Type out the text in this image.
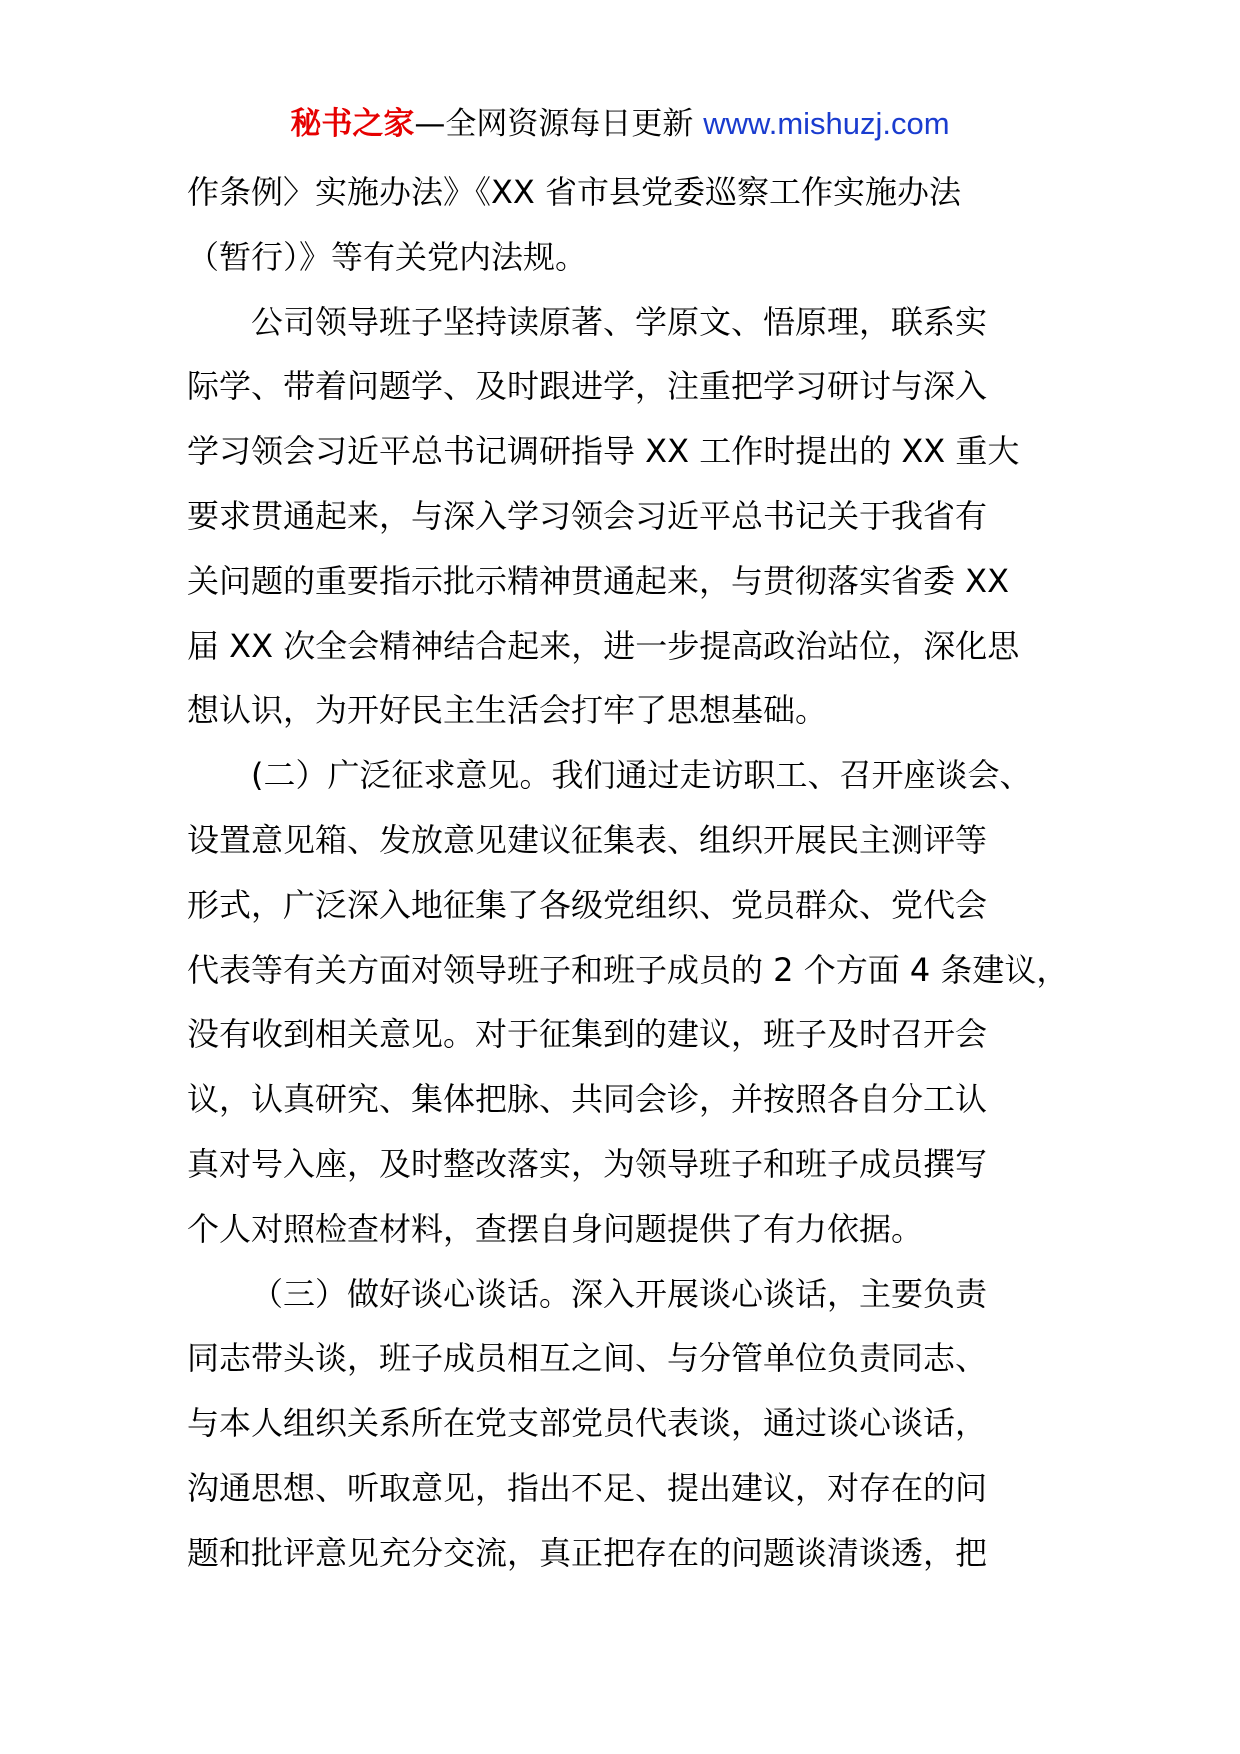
秘书之家—全网资源每日更新 www.mishuzj.com
作条例〉实施办法》《XX 省市县党委巡察工作实施办法
（暂行）》等有关党内法规。
公司领导班子坚持读原著、学原文、悟原理，联系实
际学、带着问题学、及时跟进学，注重把学习研讨与深入
学习领会习近平总书记调研指导 XX 工作时提出的 XX 重大
要求贯通起来，与深入学习领会习近平总书记关于我省有
关问题的重要指示批示精神贯通起来，与贯彻落实省委 XX
届 XX 次全会精神结合起来，进一步提高政治站位，深化思
想认识，为开好民主生活会打牢了思想基础。
(二）广泛征求意见。我们通过走访职工、召开座谈会、
设置意见箱、发放意见建议征集表、组织开展民主测评等
形式，广泛深入地征集了各级党组织、党员群众、党代会
代表等有关方面对领导班子和班子成员的 2 个方面 4 条建议，
没有收到相关意见。对于征集到的建议，班子及时召开会
议，认真研究、集体把脉、共同会诊，并按照各自分工认
真对号入座，及时整改落实，为领导班子和班子成员撰写
个人对照检查材料，查摆自身问题提供了有力依据。
（三）做好谈心谈话。深入开展谈心谈话，主要负责
同志带头谈，班子成员相互之间、与分管单位负责同志、
与本人组织关系所在党支部党员代表谈，通过谈心谈话，
沟通思想、听取意见，指出不足、提出建议，对存在的问
题和批评意见充分交流，真正把存在的问题谈清谈透，把
